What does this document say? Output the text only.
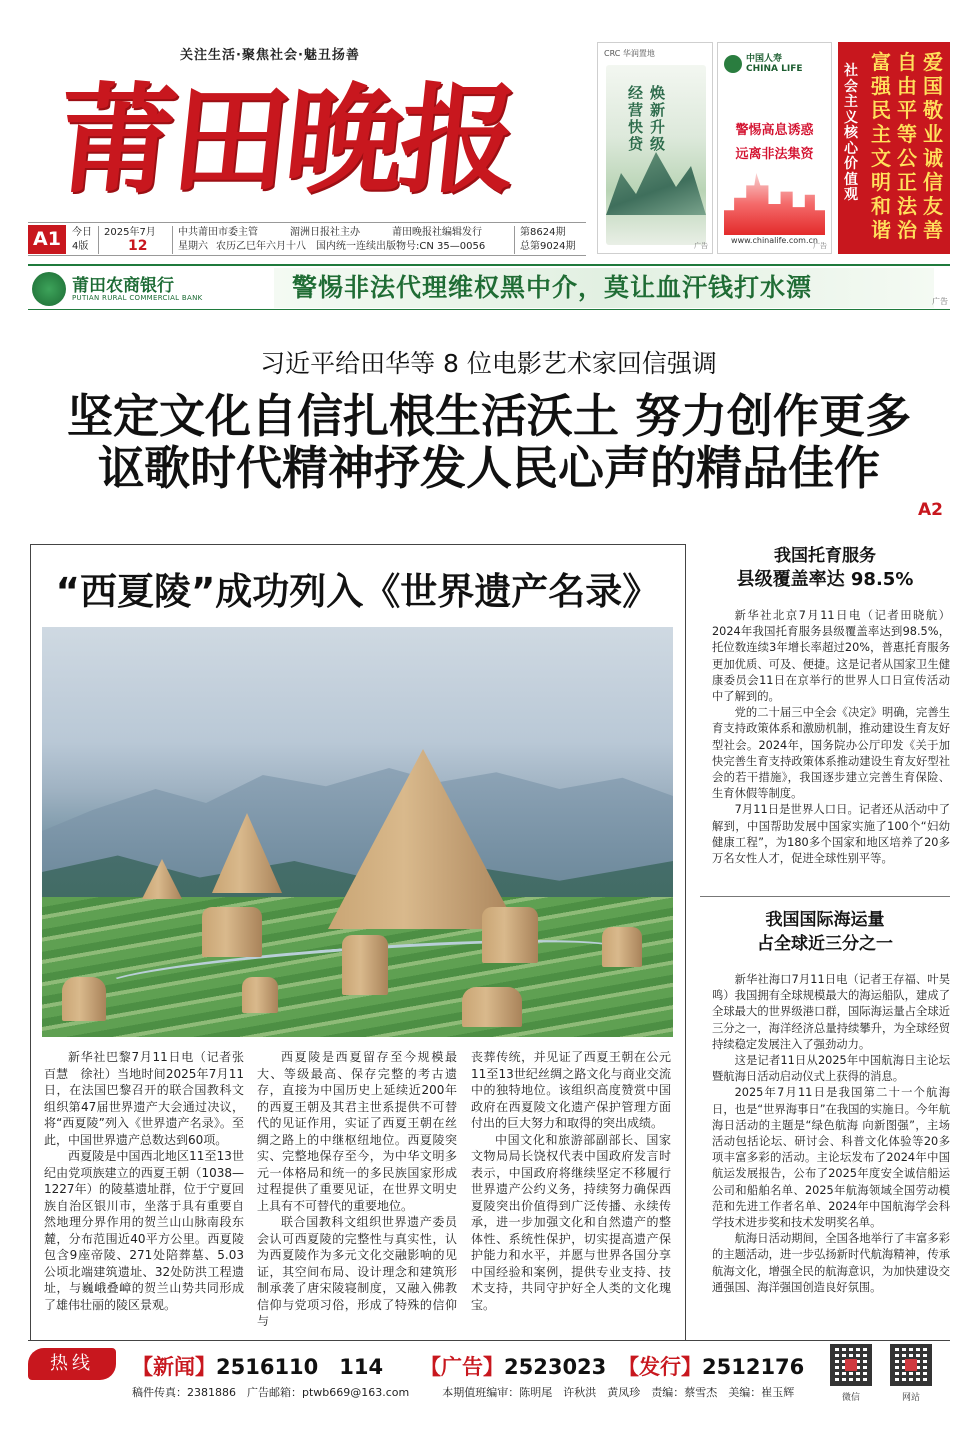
关注生活·聚焦社会·魅丑扬善
莆田晚报
CRC 华润置地
经营快贷
焕新升级
广告
中国人寿
CHINA LIFE
警惕高息诱惑
远离非法集资
www.chinalife.com.cn
广告
社会主义核心价值观
富强民主文明和谐
自由平等公正法治
爱国敬业诚信友善
A1	今日
4版
2025年7月
12
中共莆田市委主管	湄洲日报社主办	莆田晚报社编辑发行
星期六 农历乙巳年六月十八 国内统一连续出版物号:CN 35—0056
第8624期
总第9024期
莆田农商银行
PUTIAN RURAL COMMERCIAL BANK	警惕非法代理维权黑中介，莫让血汗钱打水漂	广告
习近平给田华等 8 位电影艺术家回信强调
坚定文化自信扎根生活沃土 努力创作更多
讴歌时代精神抒发人民心声的精品佳作
A2
“西夏陵”成功列入《世界遗产名录》

新华社巴黎7月11日电（记者张百慧　徐社）当地时间2025年7月11日，在法国巴黎召开的联合国教科文组织第47届世界遗产大会通过决议，将“西夏陵”列入《世界遗产名录》。至此，中国世界遗产总数达到60项。

西夏陵是中国西北地区11至13世纪由党项族建立的西夏王朝（1038—1227年）的陵墓遗址群，位于宁夏回族自治区银川市，坐落于具有重要自然地理分界作用的贺兰山山脉南段东麓，分布范围近40平方公里。西夏陵包含9座帝陵、271处陪葬墓、5.03公顷北端建筑遗址、32处防洪工程遗址，与巍峨叠嶂的贺兰山势共同形成了雄伟壮丽的陵区景观。

西夏陵是西夏留存至今规模最大、等级最高、保存完整的考古遗存，直接为中国历史上延续近200年的西夏王朝及其君主世系提供不可替代的见证作用，实证了西夏王朝在丝绸之路上的中继枢纽地位。西夏陵突实、完整地保存至今，为中华文明多元一体格局和统一的多民族国家形成过程提供了重要见证，在世界文明史上具有不可替代的重要地位。

联合国教科文组织世界遗产委员会认可西夏陵的完整性与真实性，认为西夏陵作为多元文化交融影响的见证，其空间布局、设计理念和建筑形制承袭了唐宋陵寝制度，又融入佛教信仰与党项习俗，形成了特殊的信仰与

丧葬传统，并见证了西夏王朝在公元11至13世纪丝绸之路文化与商业交流中的独特地位。该组织高度赞赏中国政府在西夏陵文化遗产保护管理方面付出的巨大努力和取得的突出成绩。

中国文化和旅游部副部长、国家文物局局长饶权代表中国政府发言时表示，中国政府将继续坚定不移履行世界遗产公约义务，持续努力确保西夏陵突出价值得到广泛传播、永续传承，进一步加强文化和自然遗产的整体性、系统性保护，切实提高遗产保护能力和水平，并愿与世界各国分享中国经验和案例，提供专业支持、技术支持，共同守护好全人类的文化瑰宝。

我国托育服务
县级覆盖率达 98.5%

新华社北京7月11日电（记者田晓航）2024年我国托育服务县级覆盖率达到98.5%，托位数连续3年增长率超过20%，普惠托育服务更加优质、可及、便捷。这是记者从国家卫生健康委员会11日在京举行的世界人口日宣传活动中了解到的。

党的二十届三中全会《决定》明确，完善生育支持政策体系和激励机制，推动建设生育友好型社会。2024年，国务院办公厅印发《关于加快完善生育支持政策体系推动建设生育友好型社会的若干措施》，我国逐步建立完善生育保险、生育休假等制度。

7月11日是世界人口日。记者还从活动中了解到，中国帮助发展中国家实施了100个“妇幼健康工程”，为180多个国家和地区培养了20多万名女性人才，促进全球性别平等。

我国国际海运量
占全球近三分之一

新华社海口7月11日电（记者王存福、叶昊鸣）我国拥有全球规模最大的海运船队，建成了全球最大的世界级港口群，国际海运量占全球近三分之一，海洋经济总量持续攀升，为全球经贸持续稳定发展注入了强劲动力。

这是记者11日从2025年中国航海日主论坛暨航海日活动启动仪式上获得的消息。

2025年7月11日是我国第二十一个航海日，也是“世界海事日”在我国的实施日。今年航海日活动的主题是“绿色航海 向新图强”，主场活动包括论坛、研讨会、科普文化体验等20多项丰富多彩的活动。主论坛发布了2024年中国航运发展报告，公布了2025年度安全诚信船运公司和船舶名单、2025年航海领域全国劳动模范和先进工作者名单、2024年中国航海学会科学技术进步奖和技术发明奖名单。

航海日活动期间，全国各地举行了丰富多彩的主题活动，进一步弘扬新时代航海精神，传承航海文化，增强全民的航海意识，为加快建设交通强国、海洋强国创造良好氛围。

热线	【新闻】2516110　114 【广告】2523023 【发行】2512176
稿件传真：2381886　 广告邮箱：ptwb669@163.com　　　	本期值班编审：陈明尾　许秋洪　黄凤珍　责编：蔡雪杰　美编：崔玉辉	微信	网站
